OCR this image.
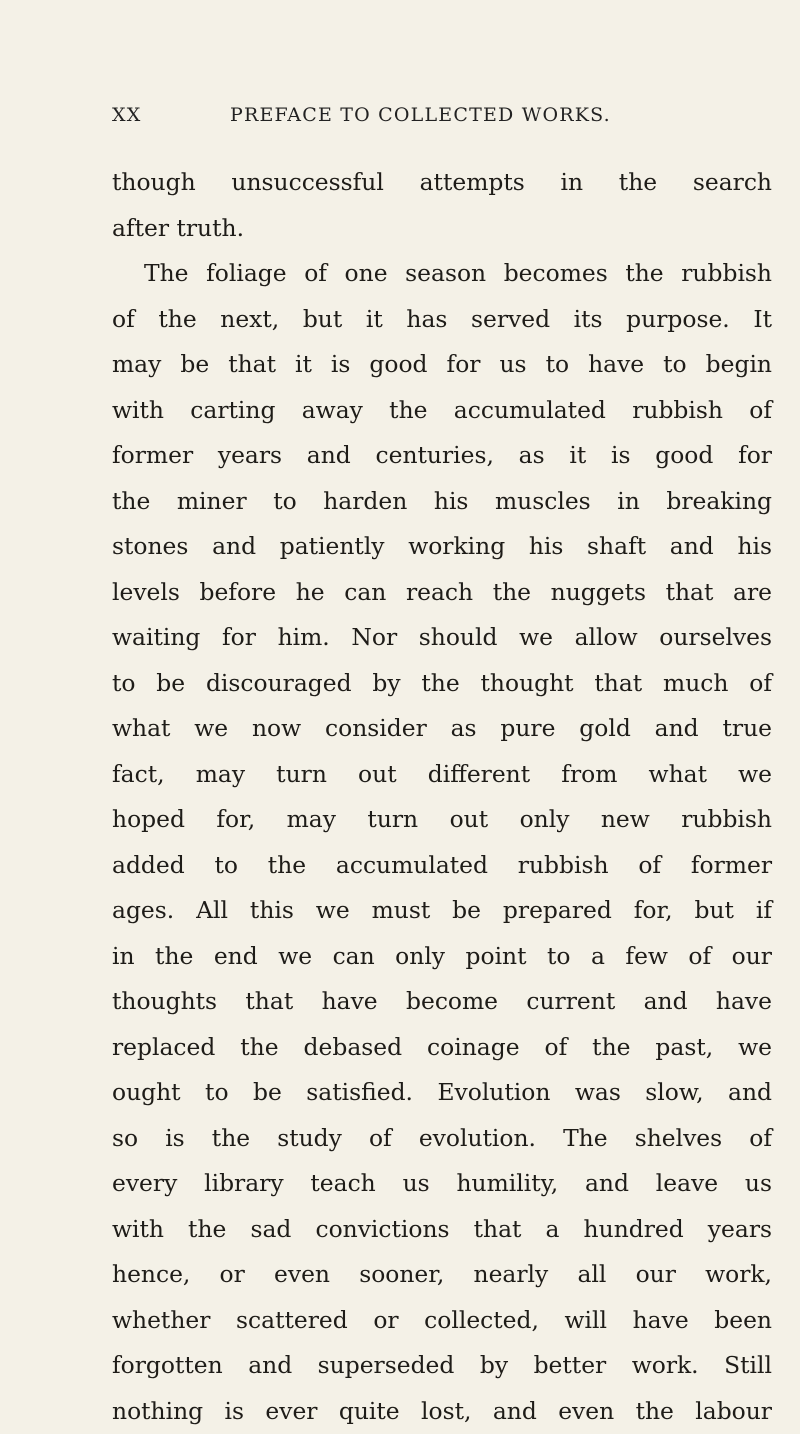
XX	PREFACE TO COLLECTED WORKS.
though unsuccessful attempts in the search
after truth.
The foliage of one season becomes the rubbish
of the next, but it has served its purpose. It
may be that it is good for us to have to begin
with carting away the accumulated rubbish of
former years and centuries, as it is good for
the miner to harden his muscles in breaking
stones and patiently working his shaft and his
levels before he can reach the nuggets that are
waiting for him. Nor should we allow ourselves
to be discouraged by the thought that much of
what we now consider as pure gold and true
fact, may turn out different from what we
hoped for, may turn out only new rubbish
added to the accumulated rubbish of former
ages. All this we must be prepared for, but if
in the end we can only point to a few of our
thoughts that have become current and have
replaced the debased coinage of the past, we
ought to be satisfied. Evolution was slow, and
so is the study of evolution. The shelves of
every library teach us humility, and leave us
with the sad convictions that a hundred years
hence, or even sooner, nearly all our work,
whether scattered or collected, will have been
forgotten and superseded by better work. Still
nothing is ever quite lost, and even the labour
